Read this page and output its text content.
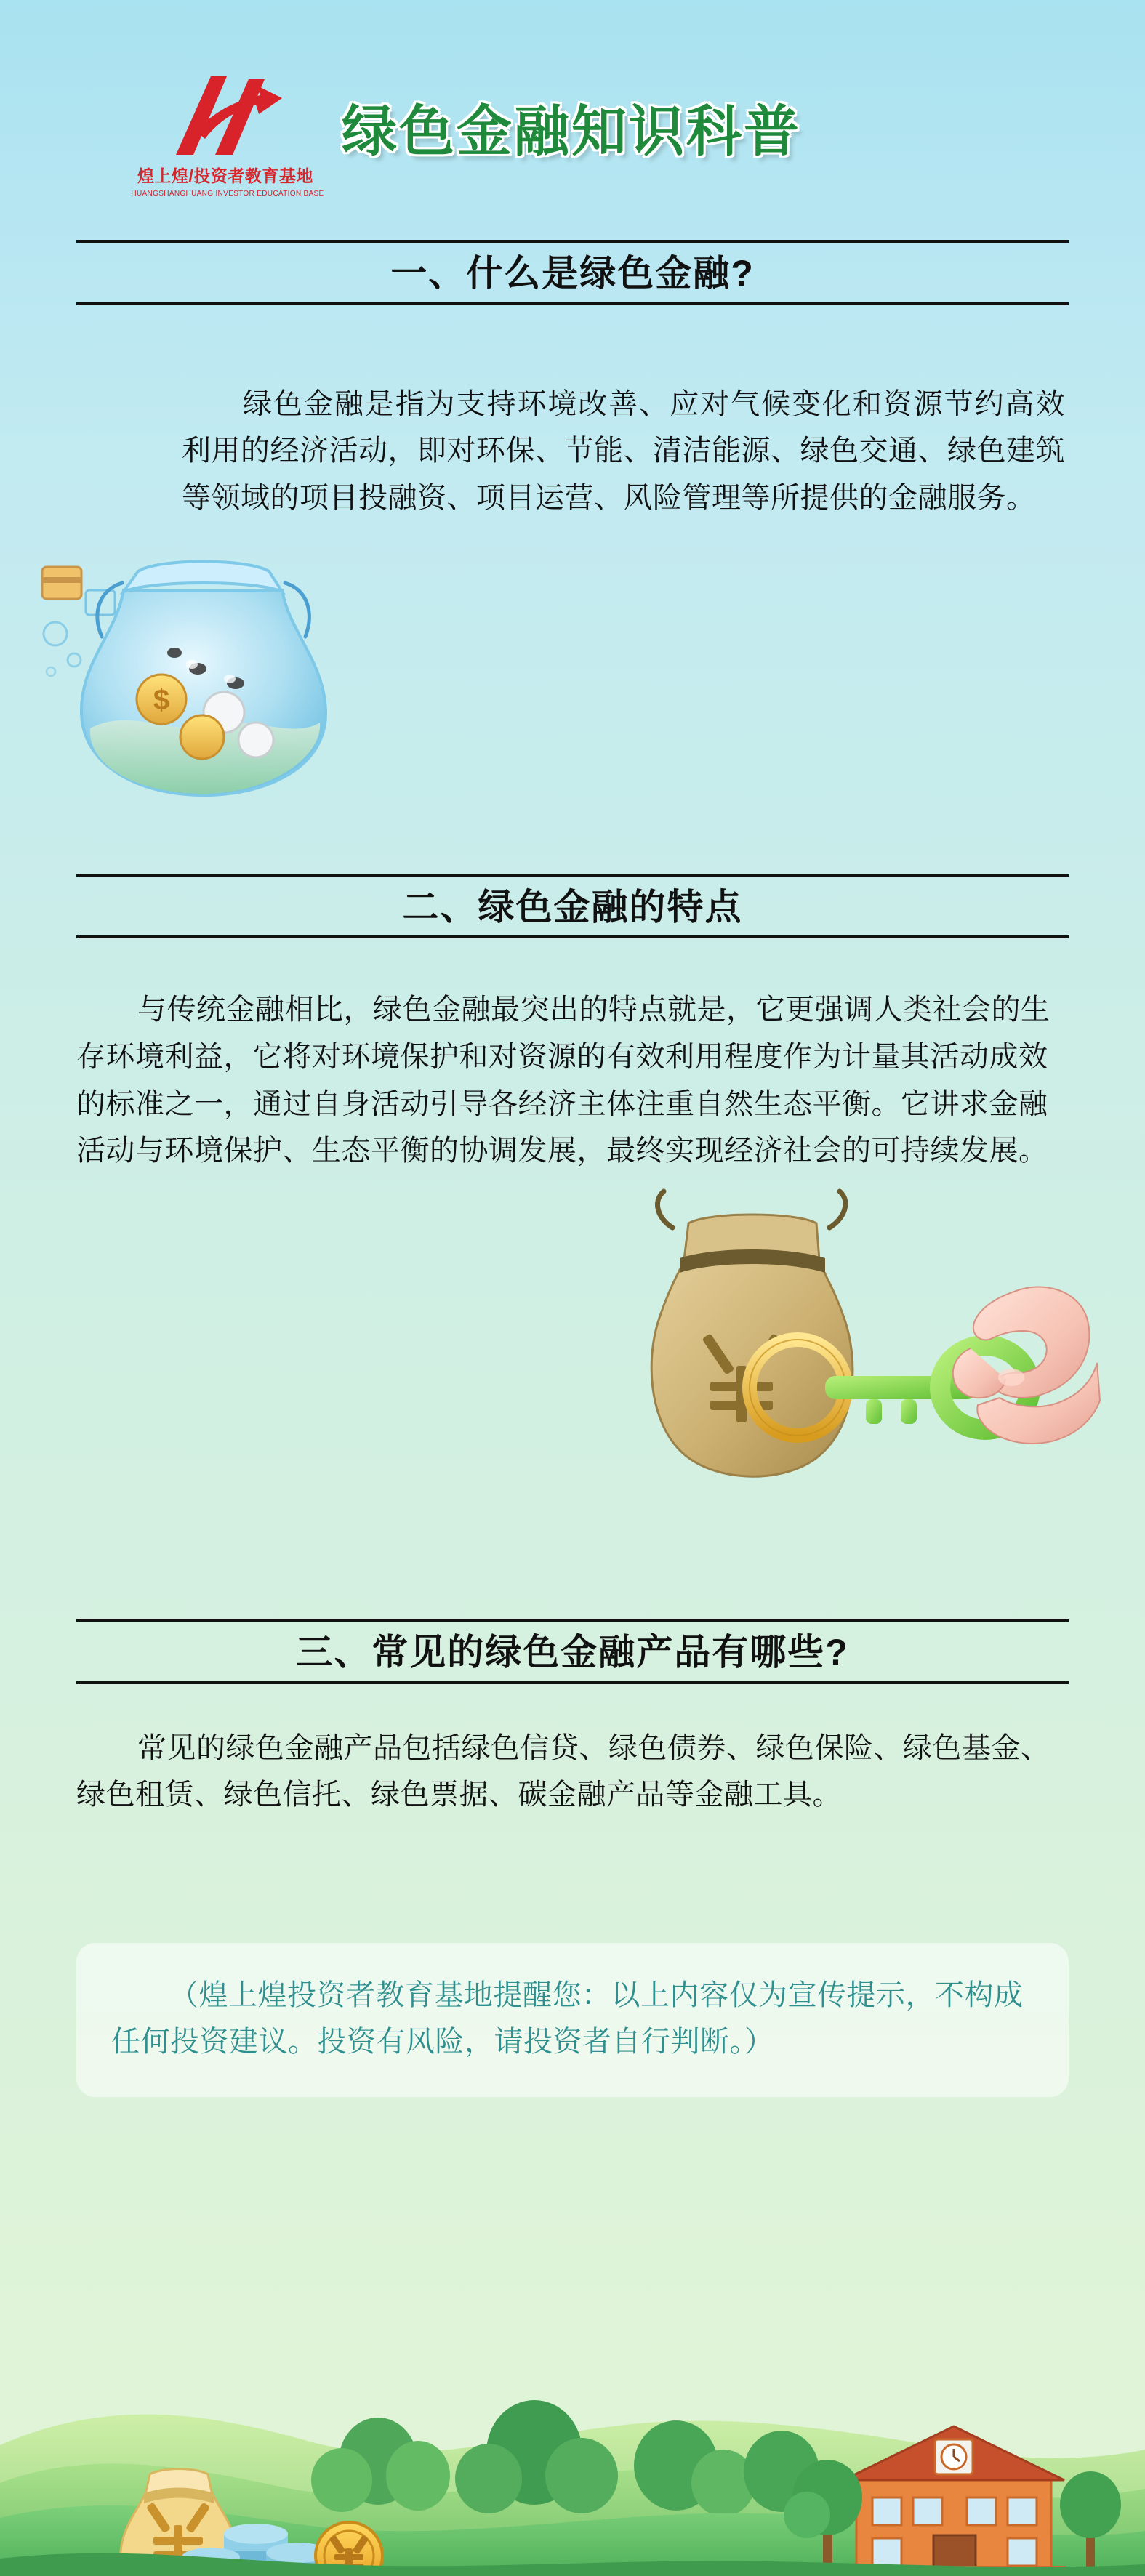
煌上煌/投资者教育基地
HUANGSHANGHUANG INVESTOR EDUCATION BASE
绿色金融知识科普
一、什么是绿色金融?
$

绿色金融是指为支持环境改善、应对气候变化和资源节约高效利用的经济活动，即对环保、节能、清洁能源、绿色交通、绿色建筑等领域的项目投融资、项目运营、风险管理等所提供的金融服务。

二、绿色金融的特点

与传统金融相比，绿色金融最突出的特点就是，它更强调人类社会的生存环境利益，它将对环境保护和对资源的有效利用程度作为计量其活动成效的标准之一，通过自身活动引导各经济主体注重自然生态平衡。它讲求金融活动与环境保护、生态平衡的协调发展，最终实现经济社会的可持续发展。

三、常见的绿色金融产品有哪些?

常见的绿色金融产品包括绿色信贷、绿色债券、绿色保险、绿色基金、绿色租赁、绿色信托、绿色票据、碳金融产品等金融工具。

（煌上煌投资者教育基地提醒您：以上内容仅为宣传提示，不构成任何投资建议。投资有风险，请投资者自行判断。）
